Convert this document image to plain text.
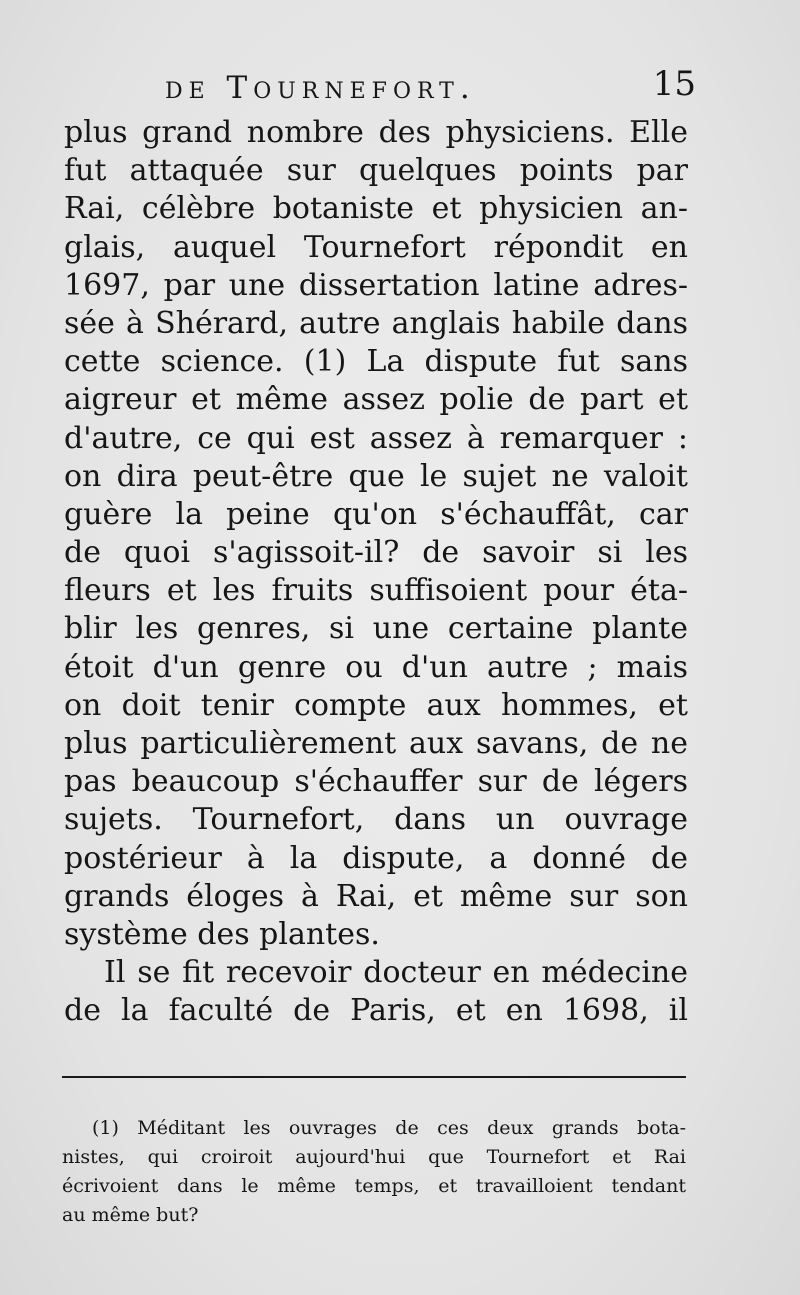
de Tournefort.	15
plus grand nombre des physiciens. Elle
fut attaquée sur quelques points par
Rai, célèbre botaniste et physicien an-
glais, auquel Tournefort répondit en
1697, par une dissertation latine adres-
sée à Shérard, autre anglais habile dans
cette science. (1) La dispute fut sans
aigreur et même assez polie de part et
d'autre, ce qui est assez à remarquer :
on dira peut-être que le sujet ne valoit
guère la peine qu'on s'échauffât, car
de quoi s'agissoit-il? de savoir si les
fleurs et les fruits suffisoient pour éta-
blir les genres, si une certaine plante
étoit d'un genre ou d'un autre ; mais
on doit tenir compte aux hommes, et
plus particulièrement aux savans, de ne
pas beaucoup s'échauffer sur de légers
sujets. Tournefort, dans un ouvrage
postérieur à la dispute, a donné de
grands éloges à Rai, et même sur son
système des plantes.
Il se fit recevoir docteur en médecine
de la faculté de Paris, et en 1698, il
(1) Méditant les ouvrages de ces deux grands bota-
nistes, qui croiroit aujourd'hui que Tournefort et Rai
écrivoient dans le même temps, et travailloient tendant
au même but?
